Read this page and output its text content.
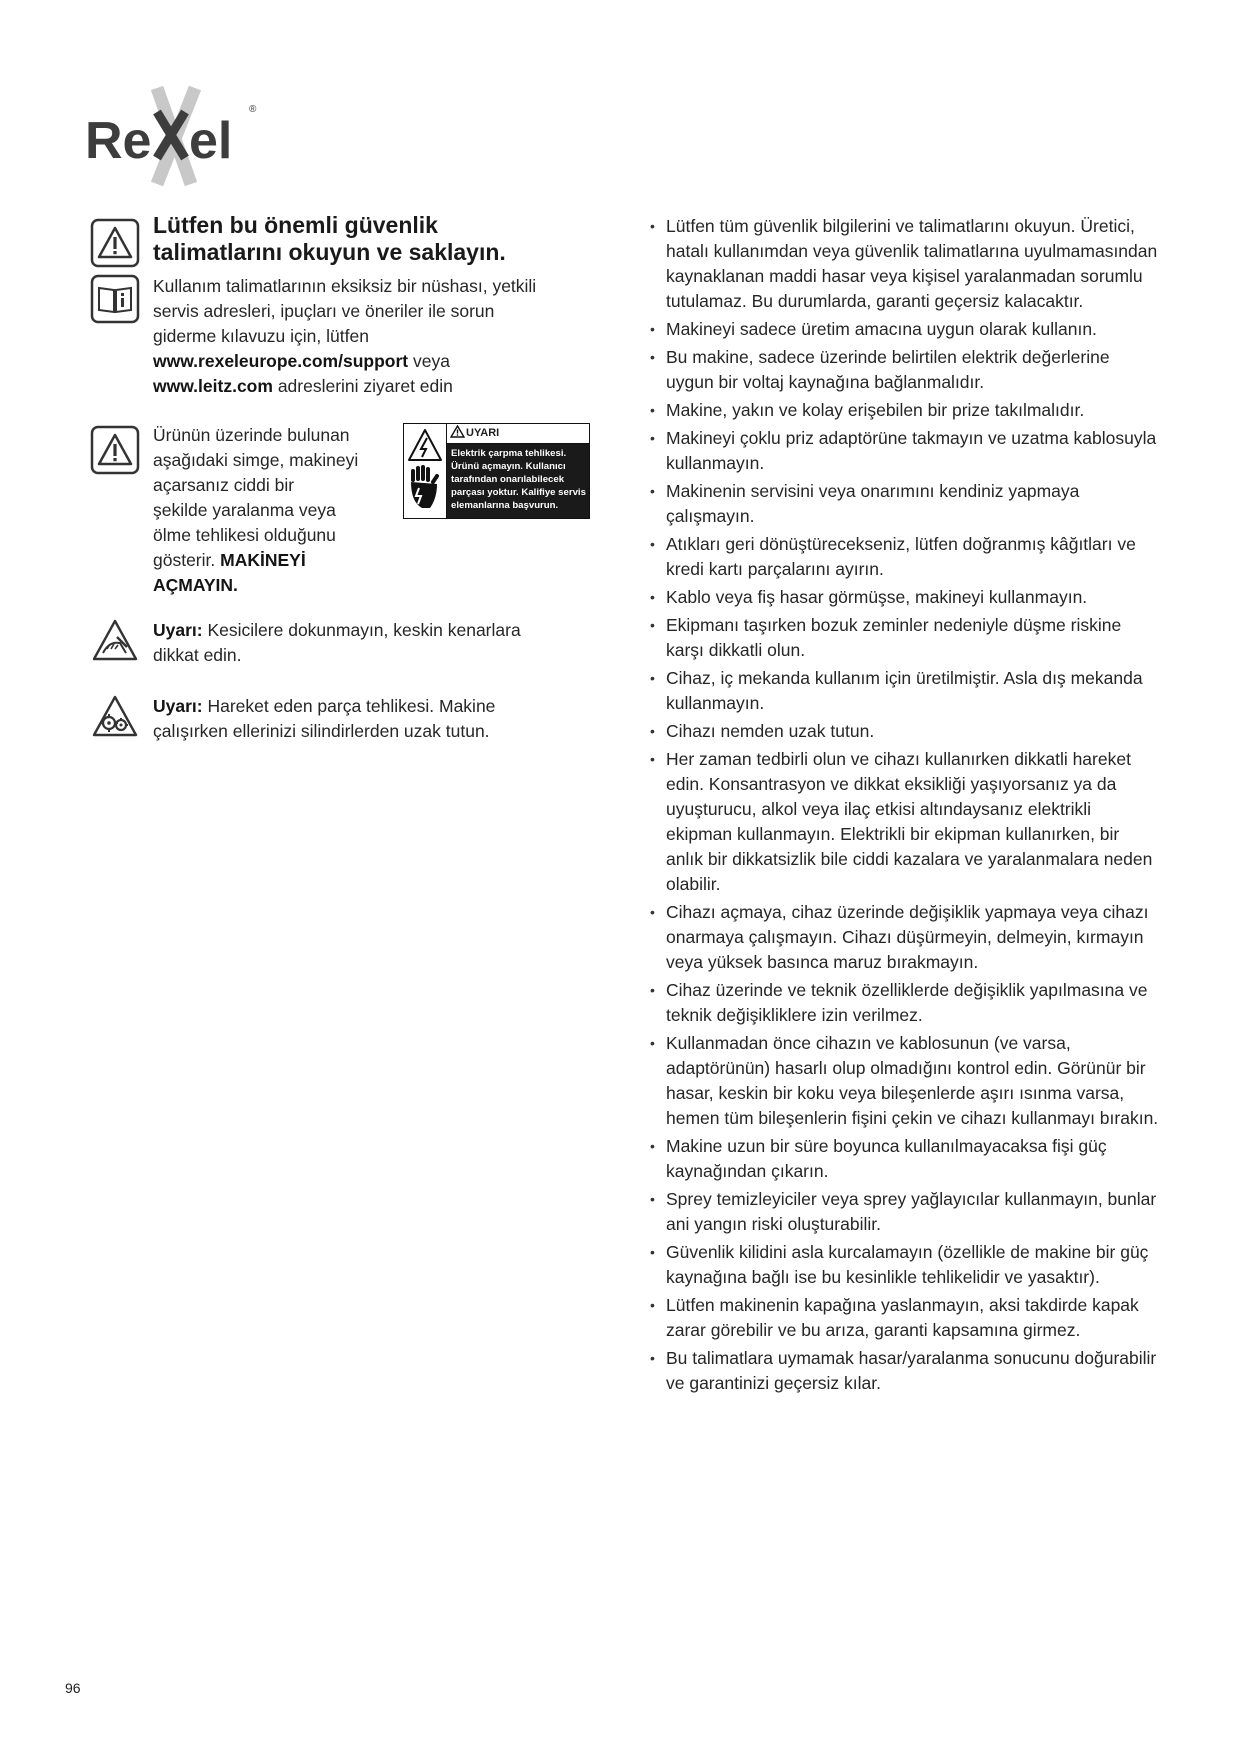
Re el
®
Lütfen bu önemli güvenlik
talimatlarını okuyun ve saklayın.
Kullanım talimatlarının eksiksiz bir nüshası, yetkili
servis adresleri, ipuçları ve öneriler ile sorun
giderme kılavuzu için, lütfen
www.rexeleurope.com/support veya
www.leitz.com adreslerini ziyaret edin
Ürünün üzerinde bulunan
aşağıdaki simge, makineyi
açarsanız ciddi bir
şekilde yaralanma veya
ölme tehlikesi olduğunu
gösterir. MAKİNEYİ
AÇMAYIN.
UYARI
Elektrik çarpma tehlikesi.
Ürünü açmayın. Kullanıcı
tarafından onarılabilecek
parçası yoktur. Kalifiye servis
elemanlarına başvurun.
Uyarı: Kesicilere dokunmayın, keskin kenarlara
dikkat edin.
Uyarı: Hareket eden parça tehlikesi. Makine
çalışırken ellerinizi silindirlerden uzak tutun.
• Lütfen tüm güvenlik bilgilerini ve talimatlarını okuyun. Üretici, hatalı kullanımdan veya güvenlik talimatlarına uyulmamasından kaynaklanan maddi hasar veya kişisel yaralanmadan sorumlu tutulamaz. Bu durumlarda, garanti geçersiz kalacaktır.
• Makineyi sadece üretim amacına uygun olarak kullanın.
• Bu makine, sadece üzerinde belirtilen elektrik değerlerine uygun bir voltaj kaynağına bağlanmalıdır.
• Makine, yakın ve kolay erişebilen bir prize takılmalıdır.
• Makineyi çoklu priz adaptörüne takmayın ve uzatma kablosuyla kullanmayın.
• Makinenin servisini veya onarımını kendiniz yapmaya çalışmayın.
• Atıkları geri dönüştürecekseniz, lütfen doğranmış kâğıtları ve kredi kartı parçalarını ayırın.
• Kablo veya fiş hasar görmüşse, makineyi kullanmayın.
• Ekipmanı taşırken bozuk zeminler nedeniyle düşme riskine karşı dikkatli olun.
• Cihaz, iç mekanda kullanım için üretilmiştir. Asla dış mekanda kullanmayın.
• Cihazı nemden uzak tutun.
• Her zaman tedbirli olun ve cihazı kullanırken dikkatli hareket edin. Konsantrasyon ve dikkat eksikliği yaşıyorsanız ya da uyuşturucu, alkol veya ilaç etkisi altındaysanız elektrikli ekipman kullanmayın. Elektrikli bir ekipman kullanırken, bir anlık bir dikkatsizlik bile ciddi kazalara ve yaralanmalara neden olabilir.
• Cihazı açmaya, cihaz üzerinde değişiklik yapmaya veya cihazı onarmaya çalışmayın. Cihazı düşürmeyin, delmeyin, kırmayın veya yüksek basınca maruz bırakmayın.
• Cihaz üzerinde ve teknik özelliklerde değişiklik yapılmasına ve teknik değişikliklere izin verilmez.
• Kullanmadan önce cihazın ve kablosunun (ve varsa, adaptörünün) hasarlı olup olmadığını kontrol edin. Görünür bir hasar, keskin bir koku veya bileşenlerde aşırı ısınma varsa, hemen tüm bileşenlerin fişini çekin ve cihazı kullanmayı bırakın.
• Makine uzun bir süre boyunca kullanılmayacaksa fişi güç kaynağından çıkarın.
• Sprey temizleyiciler veya sprey yağlayıcılar kullanmayın, bunlar ani yangın riski oluşturabilir.
• Güvenlik kilidini asla kurcalamayın (özellikle de makine bir güç kaynağına bağlı ise bu kesinlikle tehlikelidir ve yasaktır).
• Lütfen makinenin kapağına yaslanmayın, aksi takdirde kapak zarar görebilir ve bu arıza, garanti kapsamına girmez.
• Bu talimatlara uymamak hasar/yaralanma sonucunu doğurabilir ve garantinizi geçersiz kılar.
96
